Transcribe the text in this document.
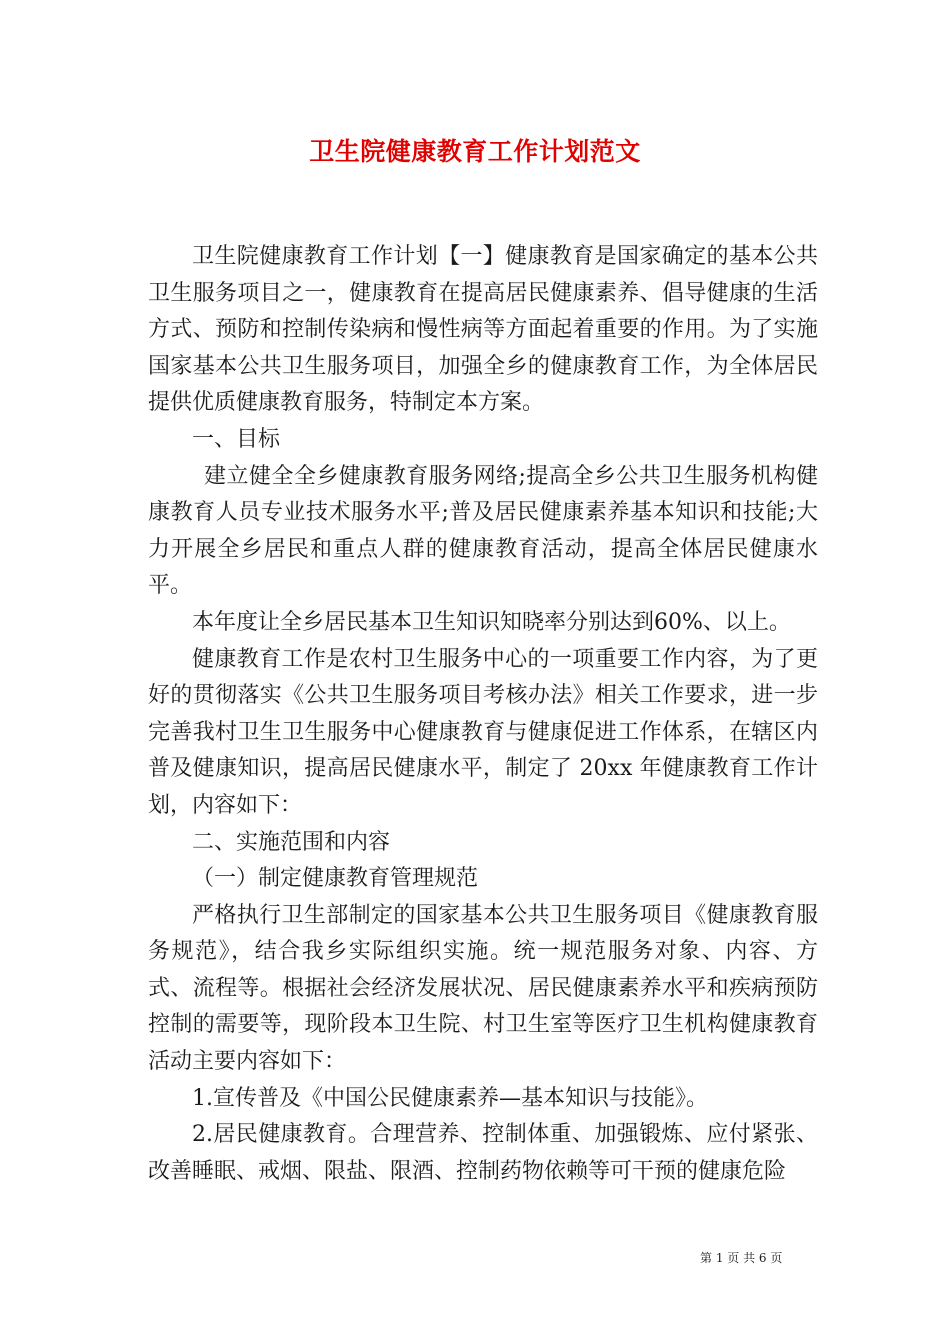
卫生院健康教育工作计划范文

卫生院健康教育工作计划【一】健康教育是国家确定的基本公共卫生服务项目之一，健康教育在提高居民健康素养、倡导健康的生活方式、预防和控制传染病和慢性病等方面起着重要的作用。为了实施国家基本公共卫生服务项目，加强全乡的健康教育工作，为全体居民提供优质健康教育服务，特制定本方案。

一、目标

建立健全全乡健康教育服务网络;提高全乡公共卫生服务机构健康教育人员专业技术服务水平;普及居民健康素养基本知识和技能;大力开展全乡居民和重点人群的健康教育活动，提高全体居民健康水平。

本年度让全乡居民基本卫生知识知晓率分别达到60%、以上。

健康教育工作是农村卫生服务中心的一项重要工作内容，为了更好的贯彻落实《公共卫生服务项目考核办法》相关工作要求，进一步完善我村卫生卫生服务中心健康教育与健康促进工作体系，在辖区内普及健康知识，提高居民健康水平，制定了 20xx 年健康教育工作计划，内容如下：

二、实施范围和内容

（一）制定健康教育管理规范

严格执行卫生部制定的国家基本公共卫生服务项目《健康教育服务规范》，结合我乡实际组织实施。统一规范服务对象、内容、方式、流程等。根据社会经济发展状况、居民健康素养水平和疾病预防控制的需要等，现阶段本卫生院、村卫生室等医疗卫生机构健康教育活动主要内容如下：

1.宣传普及《中国公民健康素养—基本知识与技能》。

2.居民健康教育。合理营养、控制体重、加强锻炼、应付紧张、改善睡眠、戒烟、限盐、限酒、控制药物依赖等可干预的健康危险

第 1 页 共 6 页
